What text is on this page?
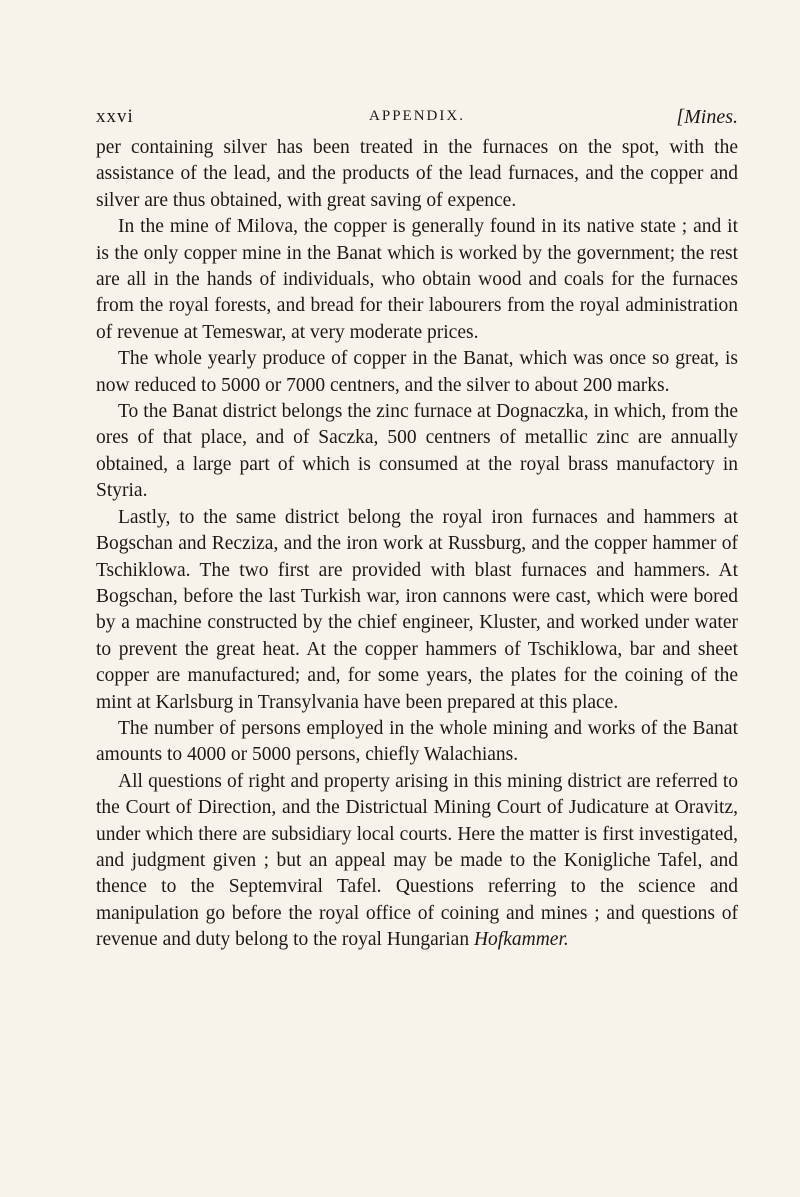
xxvi	APPENDIX.	[Mines.

per containing silver has been treated in the furnaces on the spot, with the assistance of the lead, and the products of the lead furnaces, and the copper and silver are thus obtained, with great saving of expence.

In the mine of Milova, the copper is generally found in its native state ; and it is the only copper mine in the Banat which is worked by the government; the rest are all in the hands of individuals, who obtain wood and coals for the furnaces from the royal forests, and bread for their labourers from the royal administration of revenue at Temeswar, at very moderate prices.

The whole yearly produce of copper in the Banat, which was once so great, is now reduced to 5000 or 7000 centners, and the silver to about 200 marks.

To the Banat district belongs the zinc furnace at Dognaczka, in which, from the ores of that place, and of Saczka, 500 centners of metallic zinc are annually obtained, a large part of which is consumed at the royal brass manufactory in Styria.

Lastly, to the same district belong the royal iron furnaces and hammers at Bogschan and Recziza, and the iron work at Russburg, and the copper hammer of Tschiklowa. The two first are provided with blast furnaces and hammers. At Bogschan, before the last Turkish war, iron cannons were cast, which were bored by a machine constructed by the chief engineer, Kluster, and worked under water to prevent the great heat. At the copper hammers of Tschiklowa, bar and sheet copper are manufactured; and, for some years, the plates for the coining of the mint at Karlsburg in Transylvania have been prepared at this place.

The number of persons employed in the whole mining and works of the Banat amounts to 4000 or 5000 persons, chiefly Walachians.

All questions of right and property arising in this mining district are referred to the Court of Direction, and the Districtual Mining Court of Judicature at Oravitz, under which there are subsidiary local courts. Here the matter is first investigated, and judgment given ; but an appeal may be made to the Konigliche Tafel, and thence to the Septemviral Tafel. Questions referring to the science and manipulation go before the royal office of coining and mines ; and questions of revenue and duty belong to the royal Hungarian Hofkammer.
